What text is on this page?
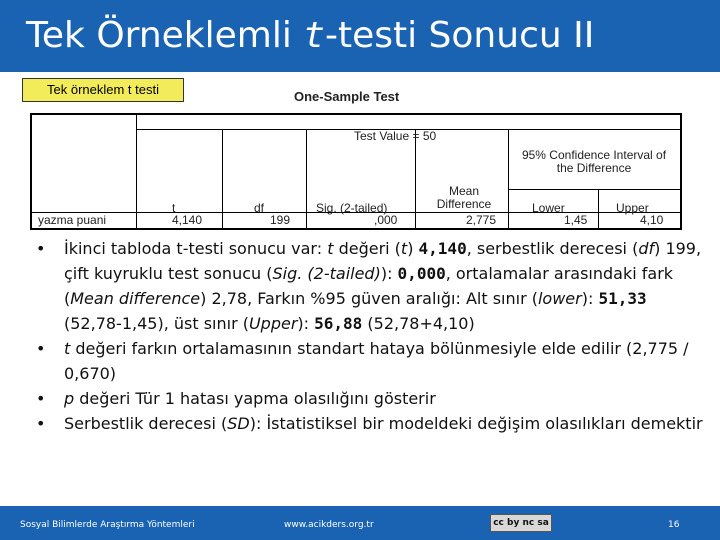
Tek Örneklemli t-testi Sonucu II
Tek örneklem t testi	One-Sample Test
Test Value = 50
95% Confidence Interval of the Difference
t	df	Sig. (2-tailed)
Mean Difference	Lower	Upper
yazma puani	4,140	199	,000	2,775	1,45	4,10

•	İkinci tabloda t-testi sonucu var: t değeri (t) 4,140, serbestlik derecesi (df) 199, çift kuyruklu test sonucu (Sig. (2-tailed)): 0,000, ortalamalar arasındaki fark (Mean difference) 2,78, Farkın %95 güven aralığı: Alt sınır (lower): 51,33 (52,78-1,45), üst sınır (Upper): 56,88 (52,78+4,10)

•	t değeri farkın ortalamasının standart hataya bölünmesiyle elde edilir (2,775 / 0,670)

•	p değeri Tür 1 hatası yapma olasılığını gösterir

•	Serbestlik derecesi (SD): İstatistiksel bir modeldeki değişim olasılıkları demektir

Sosyal Bilimlerde Araştırma Yöntemleri	www.acikders.org.tr	cc by nc sa	16
